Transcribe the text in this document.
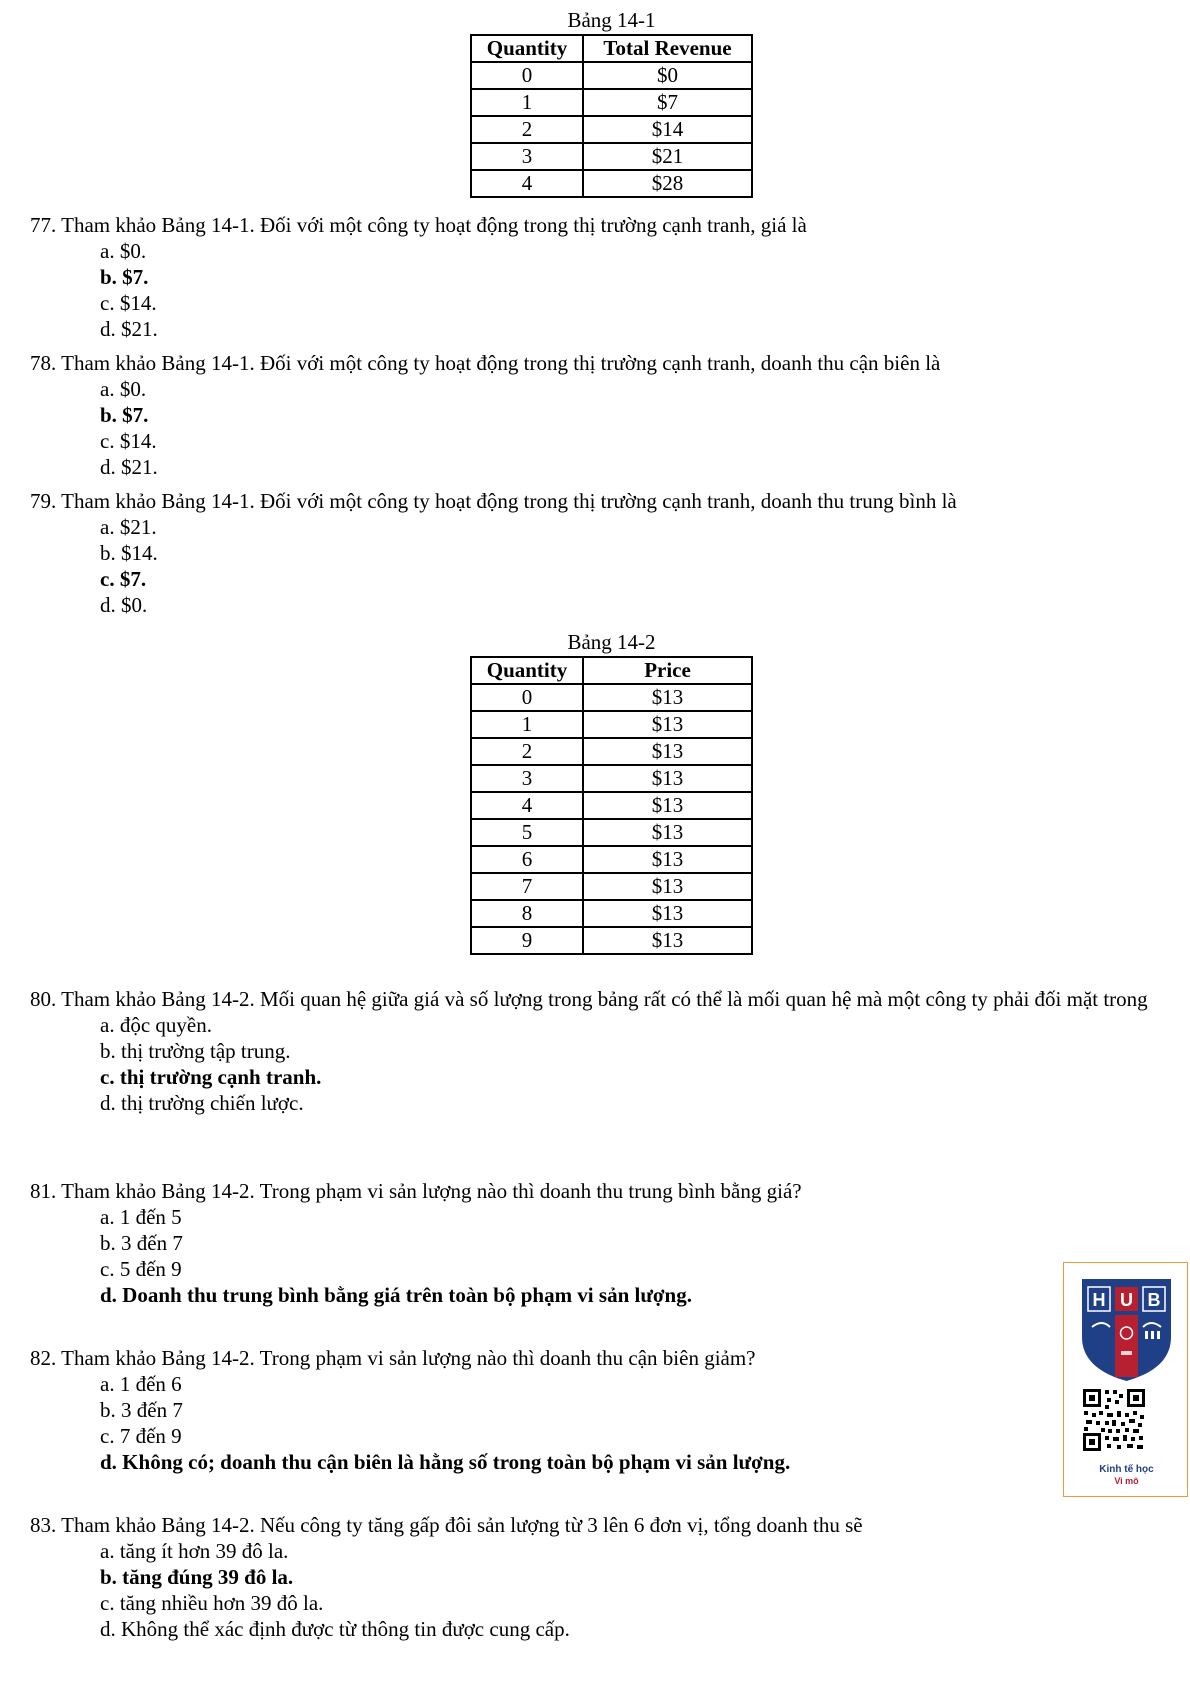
Bảng 14-1
Quantity	Total Revenue
0	$0
1	$7
2	$14
3	$21
4	$28

77. Tham khảo Bảng 14-1. Đối với một công ty hoạt động trong thị trường cạnh tranh, giá là

a. $0.

b. $7.

c. $14.

d. $21.

78. Tham khảo Bảng 14-1. Đối với một công ty hoạt động trong thị trường cạnh tranh, doanh thu cận biên là

a. $0.

b. $7.

c. $14.

d. $21.

79. Tham khảo Bảng 14-1. Đối với một công ty hoạt động trong thị trường cạnh tranh, doanh thu trung bình là

a. $21.

b. $14.

c. $7.

d. $0.

Bảng 14-2
Quantity	Price
0	$13
1	$13
2	$13
3	$13
4	$13
5	$13
6	$13
7	$13
8	$13
9	$13

80. Tham khảo Bảng 14-2. Mối quan hệ giữa giá và số lượng trong bảng rất có thể là mối quan hệ mà một công ty phải đối mặt trong

a. độc quyền.

b. thị trường tập trung.

c. thị trường cạnh tranh.

d. thị trường chiến lược.

81. Tham khảo Bảng 14-2. Trong phạm vi sản lượng nào thì doanh thu trung bình bằng giá?

a. 1 đến 5

b. 3 đến 7

c. 5 đến 9

d. Doanh thu trung bình bằng giá trên toàn bộ phạm vi sản lượng.

82. Tham khảo Bảng 14-2. Trong phạm vi sản lượng nào thì doanh thu cận biên giảm?

a. 1 đến 6

b. 3 đến 7

c. 7 đến 9

d. Không có; doanh thu cận biên là hằng số trong toàn bộ phạm vi sản lượng.

83. Tham khảo Bảng 14-2. Nếu công ty tăng gấp đôi sản lượng từ 3 lên 6 đơn vị, tổng doanh thu sẽ

a. tăng ít hơn 39 đô la.

b. tăng đúng 39 đô la.

c. tăng nhiều hơn 39 đô la.

d. Không thể xác định được từ thông tin được cung cấp.

H U B
Kinh tế học
Vi mô
